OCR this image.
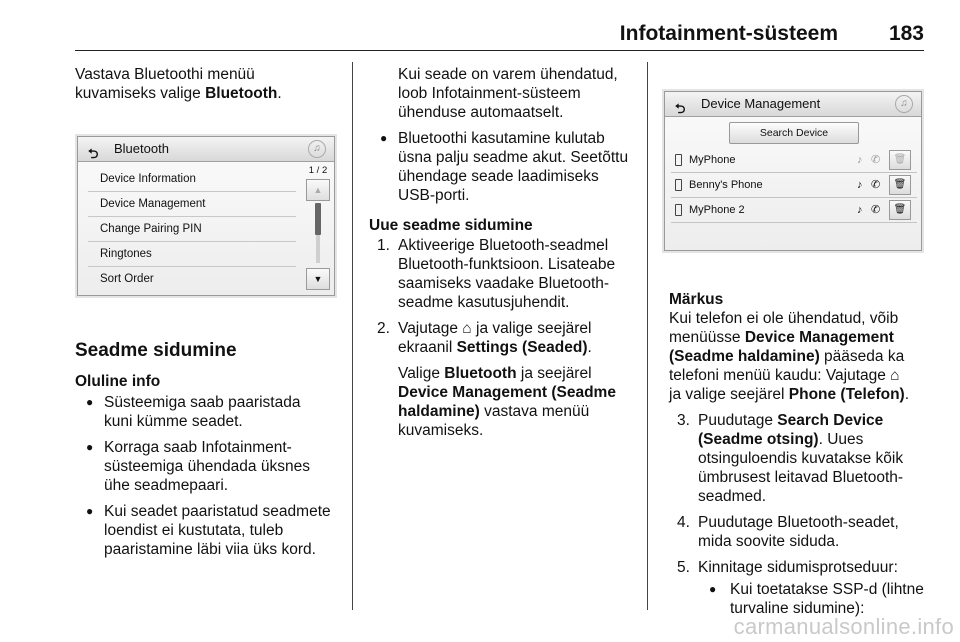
Infotainment-süsteem 183

Vastava Bluetoothi menüü

kuvamiseks valige Bluetooth.

⮌ Bluetooth	♫
Device Information
Device Management
Change Pairing PIN
Ringtones
Sort Order
1 / 2
▲
▼

Seadme sidumine

Oluline info

● Süsteemiga saab paaristada

kuni kümme seadet.

● Korraga saab Infotainment-

süsteemiga ühendada üksnes

ühe seadmepaari.

● Kui seadet paaristatud seadmete

loendist ei kustutata, tuleb

paaristamine läbi viia üks kord.

Kui seade on varem ühendatud,

loob Infotainment-süsteem

ühenduse automaatselt.

● Bluetoothi kasutamine kulutab

üsna palju seadme akut. Seetõttu

ühendage seade laadimiseks

USB-porti.

Uue seadme sidumine

1. Aktiveerige Bluetooth-seadmel

Bluetooth-funktsioon. Lisateabe

saamiseks vaadake Bluetooth-

seadme kasutusjuhendit.

2. Vajutage ⌂ ja valige seejärel

ekraanil Settings (Seaded).

Valige Bluetooth ja seejärel

Device Management (Seadme

haldamine) vastava menüü

kuvamiseks.

⮌ Device Management	♫
Search Device
MyPhone	♪ ✆	🗑
Benny's Phone	♪ ✆	🗑
MyPhone 2	♪ ✆	🗑

Märkus

Kui telefon ei ole ühendatud, võib

menüüsse Device Management

(Seadme haldamine) pääseda ka

telefoni menüü kaudu: Vajutage ⌂

ja valige seejärel Phone (Telefon).

3. Puudutage Search Device

(Seadme otsing). Uues

otsinguloendis kuvatakse kõik

ümbrusest leitavad Bluetooth-

seadmed.

4. Puudutage Bluetooth-seadet,

mida soovite siduda.

5. Kinnitage sidumisprotseduur:

● Kui toetatakse SSP-d (lihtne

turvaline sidumine):

carmanualsonline.info
